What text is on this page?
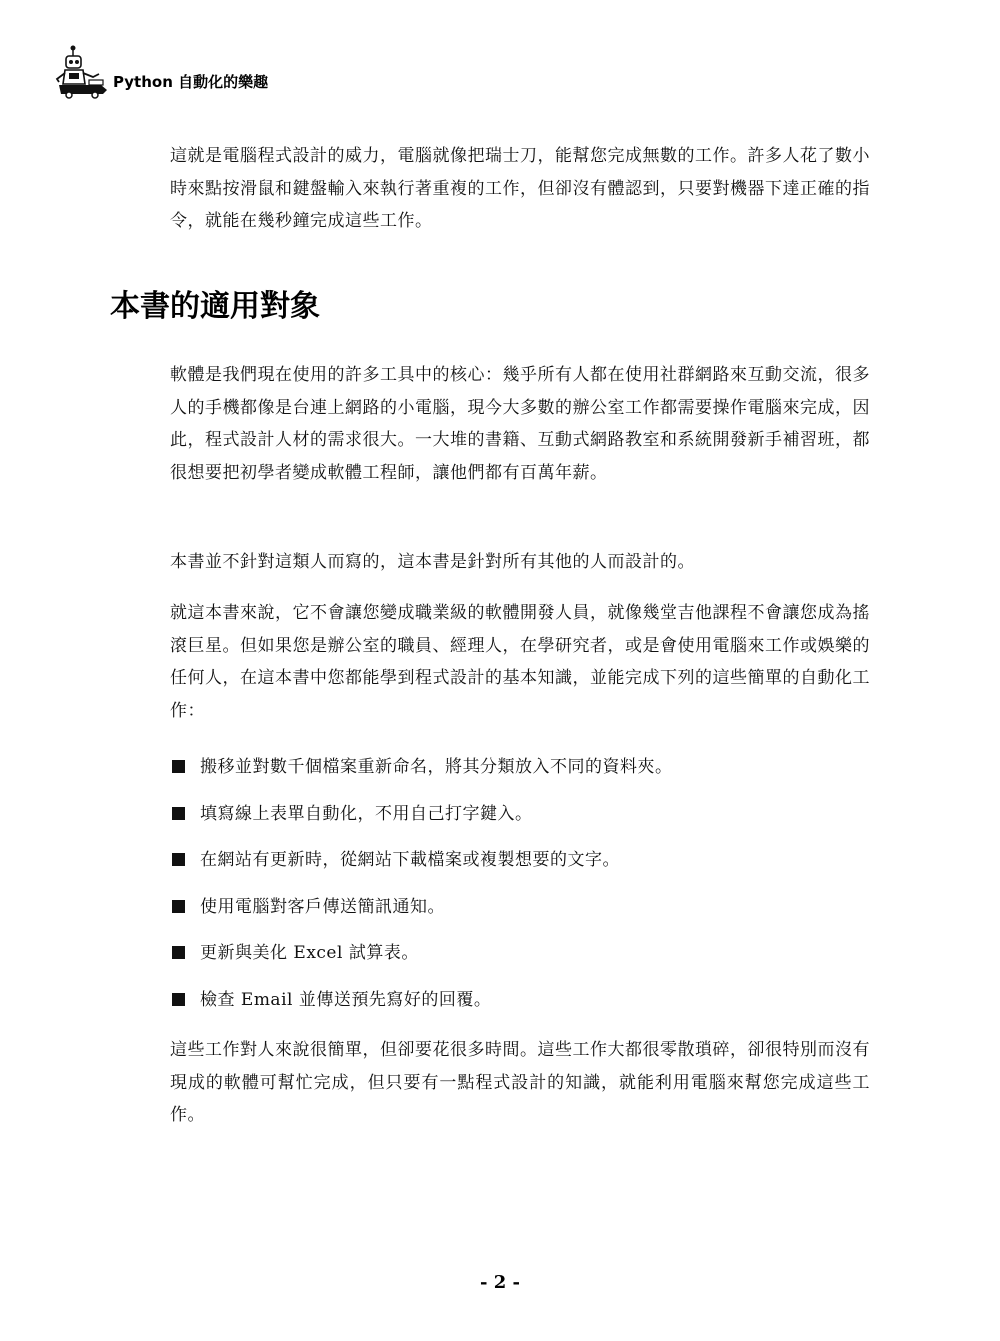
Python 自動化的樂趣

這就是電腦程式設計的威力，電腦就像把瑞士刀，能幫您完成無數的工作。許多人花了數小時來點按滑鼠和鍵盤輸入來執行著重複的工作，但卻沒有體認到，只要對機器下達正確的指令，就能在幾秒鐘完成這些工作。

本書的適用對象

軟體是我們現在使用的許多工具中的核心：幾乎所有人都在使用社群網路來互動交流，很多人的手機都像是台連上網路的小電腦，現今大多數的辦公室工作都需要操作電腦來完成，因此，程式設計人材的需求很大。一大堆的書籍、互動式網路教室和系統開發新手補習班，都很想要把初學者變成軟體工程師，讓他們都有百萬年薪。

本書並不針對這類人而寫的，這本書是針對所有其他的人而設計的。

就這本書來說，它不會讓您變成職業級的軟體開發人員，就像幾堂吉他課程不會讓您成為搖滾巨星。但如果您是辦公室的職員、經理人，在學研究者，或是會使用電腦來工作或娛樂的任何人，在這本書中您都能學到程式設計的基本知識，並能完成下列的這些簡單的自動化工作：

搬移並對數千個檔案重新命名，將其分類放入不同的資料夾。
填寫線上表單自動化，不用自己打字鍵入。
在網站有更新時，從網站下載檔案或複製想要的文字。
使用電腦對客戶傳送簡訊通知。
更新與美化 Excel 試算表。
檢查 Email 並傳送預先寫好的回覆。

這些工作對人來說很簡單，但卻要花很多時間。這些工作大都很零散瑣碎，卻很特別而沒有現成的軟體可幫忙完成，但只要有一點程式設計的知識，就能利用電腦來幫您完成這些工作。

- 2 -
